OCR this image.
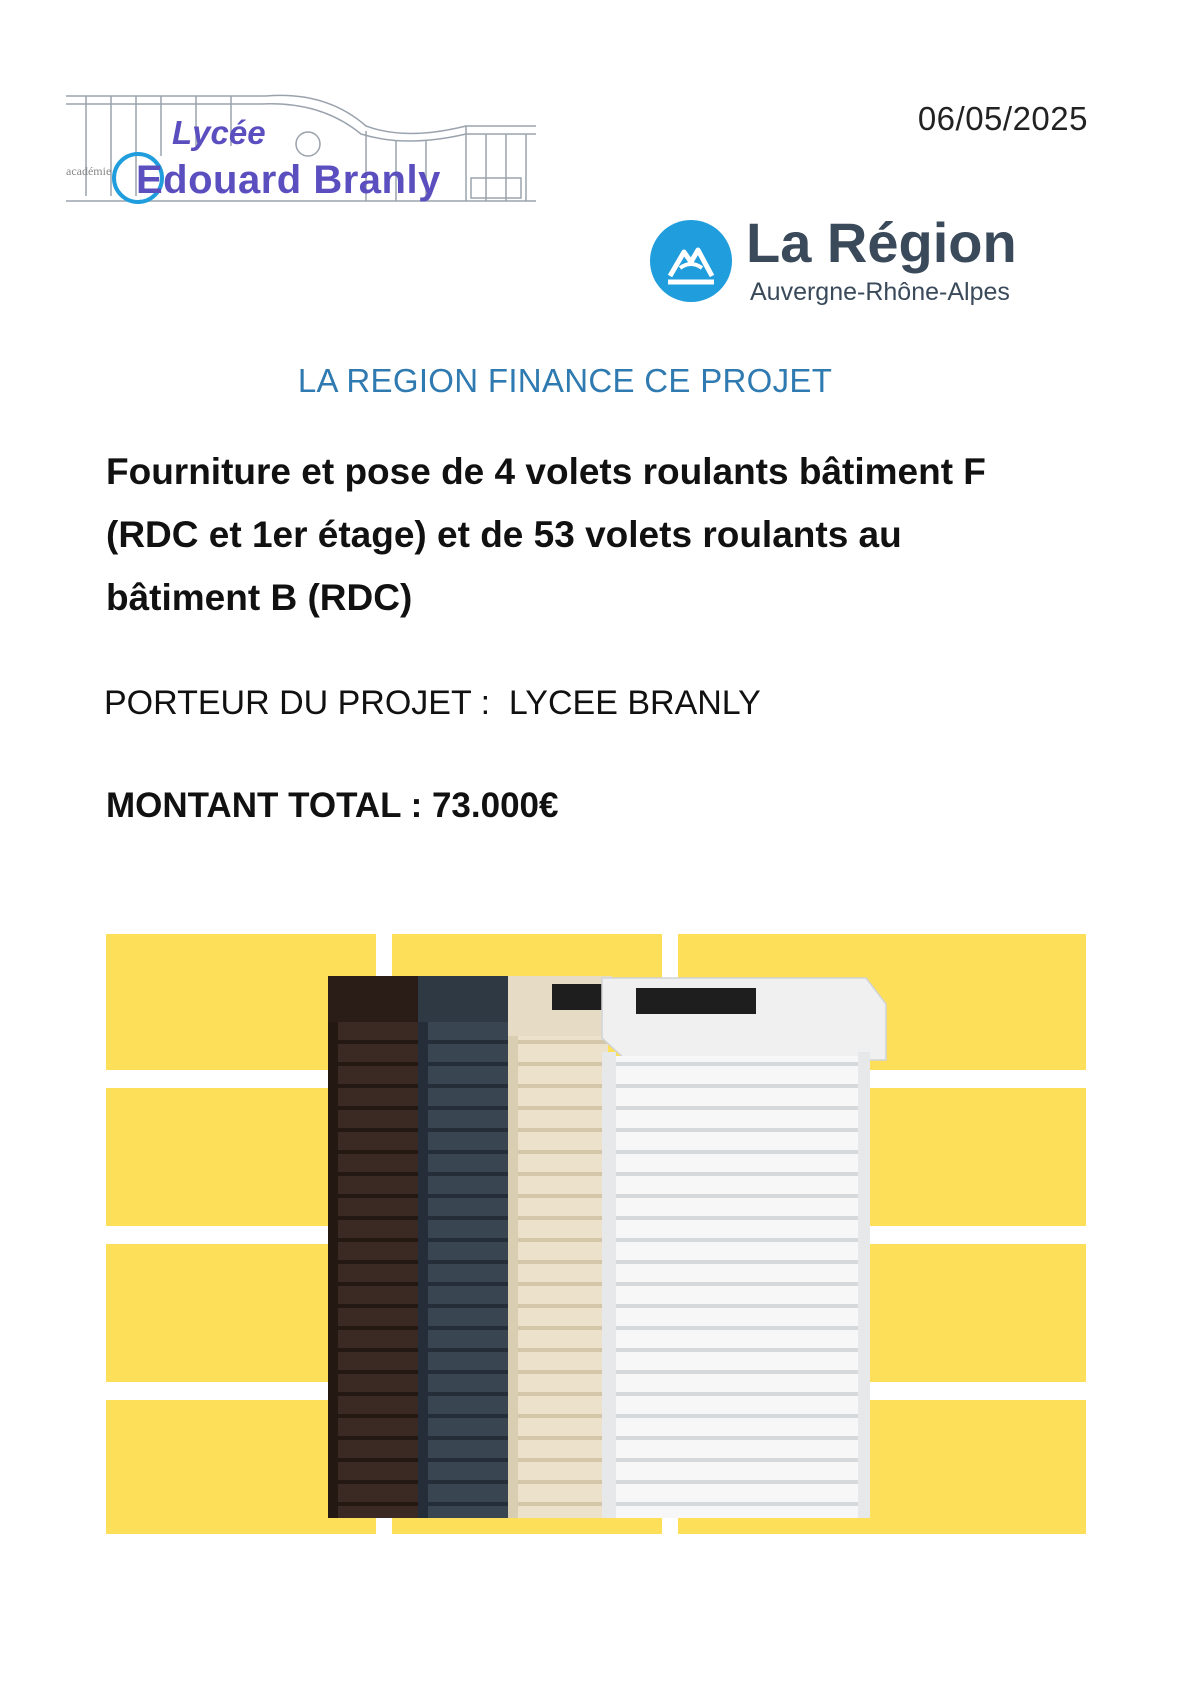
Lycée
académie Edouard Branly
06/05/2025
La Région
Auvergne-Rhône-Alpes
LA REGION FINANCE CE PROJET
Fourniture et pose de 4 volets roulants bâtiment F (RDC et 1er étage) et de 53 volets roulants au bâtiment B (RDC)
PORTEUR DU PROJET :  LYCEE BRANLY
MONTANT TOTAL : 73.000€
